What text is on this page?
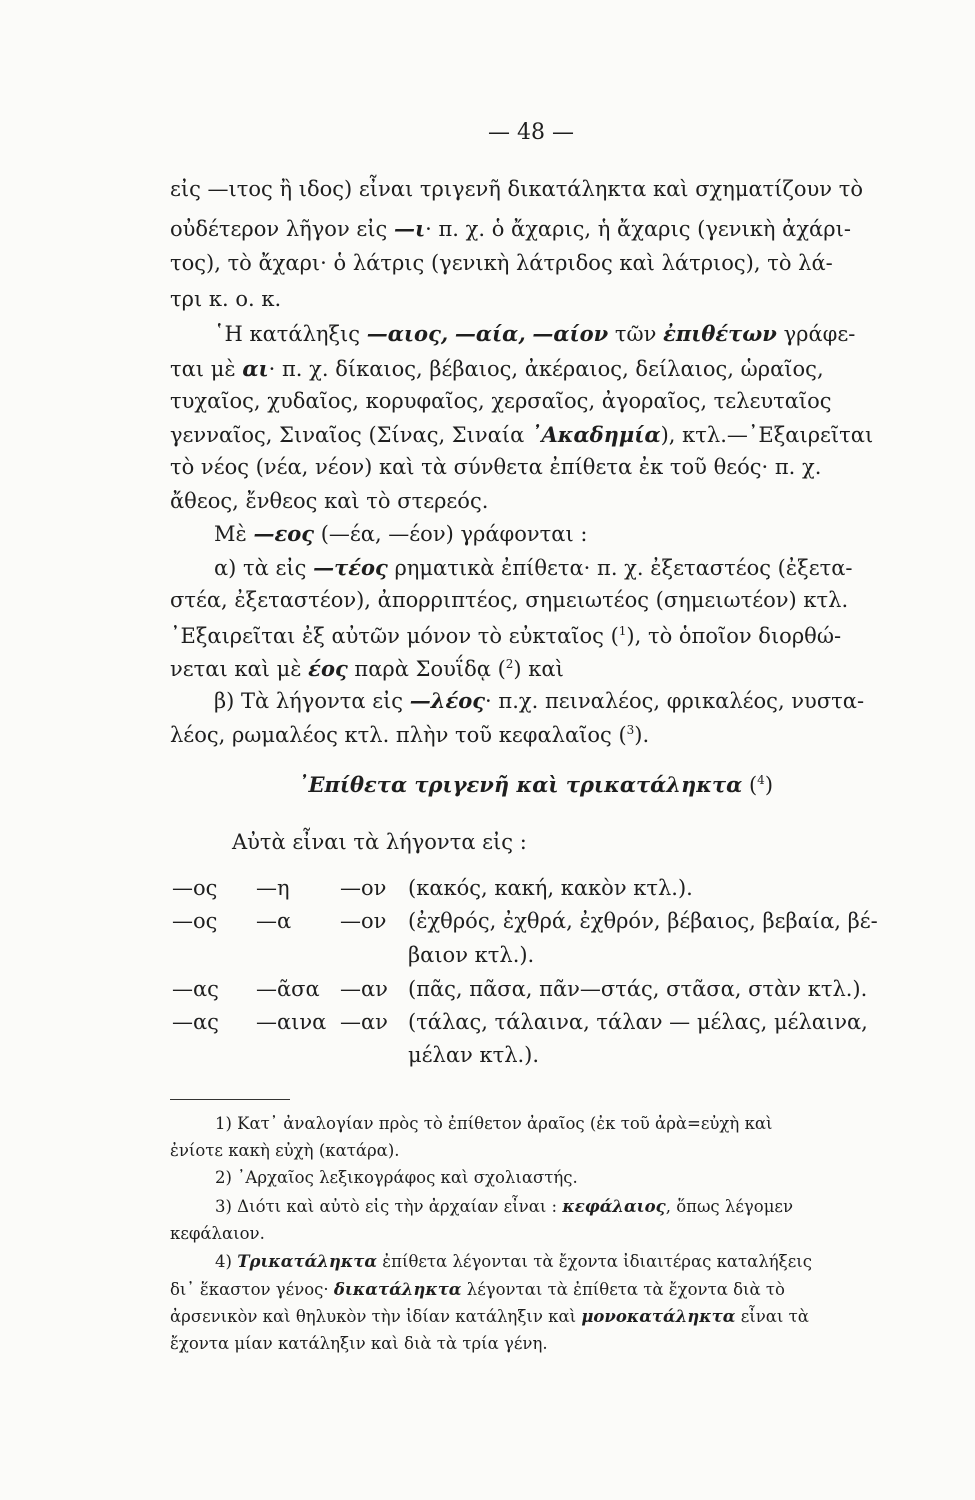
— 48 —
εἰς —ιτος ἢ ιδος) εἶναι τριγενῆ δικατάληκτα καὶ σχηματίζουν τὸ
οὐδέτερον λῆγον εἰς —ι· π. χ. ὁ ἄχαρις, ἡ ἄχαρις (γενικὴ ἀχάρι-
τος), τὸ ἄχαρι· ὁ λάτρις (γενικὴ λάτριδος καὶ λάτριος), τὸ λά-
τρι κ. ο. κ.
῾Η κατάληξις —αιος, —αία, —αίον τῶν ἐπιθέτων γράφε-
ται μὲ αι· π. χ. δίκαιος, βέβαιος, ἀκέραιος, δείλαιος, ὡραῖος,
τυχαῖος, χυδαῖος, κορυφαῖος, χερσαῖος, ἀγοραῖος, τελευταῖος
γενναῖος, Σιναῖος (Σίνας, Σιναία ᾿Ακαδημία), κτλ.—᾿Εξαιρεῖται
τὸ νέος (νέα, νέον) καὶ τὰ σύνθετα ἐπίθετα ἐκ τοῦ θεός· π. χ.
ἄθεος, ἔνθεος καὶ τὸ στερεός.
Μὲ —εος (—έα, —έον) γράφονται :
α) τὰ εἰς —τέος ρηματικὰ ἐπίθετα· π. χ. ἐξεταστέος (ἐξετα-
στέα, ἐξεταστέον), ἀπορριπτέος, σημειωτέος (σημειωτέον) κτλ.
᾿Εξαιρεῖται ἐξ αὐτῶν μόνον τὸ εὐκταῖος ($^1$), τὸ ὁποῖον διορθώ-
νεται καὶ μὲ έος παρὰ Σουΐδᾳ ($^2$) καὶ
β) Τὰ λήγοντα εἰς —λέος· π.χ. πειναλέος, φρικαλέος, νυστα-
λέος, ρωμαλέος κτλ. πλὴν τοῦ κεφαλαῖος ($^3$).
᾿Επίθετα τριγενῆ καὶ τρικατάληκτα ($^4$)
Αὐτὰ εἶναι τὰ λήγοντα εἰς :
—ος —η —ον (κακός, κακή, κακὸν κτλ.).
—ος —α —ον (ἐχθρός, ἐχθρά, ἐχθρόν, βέβαιος, βεβαία, βέ-
βαιον κτλ.).
—ας —ᾶσα —αν (πᾶς, πᾶσα, πᾶν—στάς, στᾶσα, στὰν κτλ.).
—ας —αινα —αν (τάλας, τάλαινα, τάλαν — μέλας, μέλαινα,
μέλαν κτλ.).
1) Κατ᾿ ἀναλογίαν πρὸς τὸ ἐπίθετον ἀραῖος (ἐκ τοῦ ἀρὰ=εὐχὴ καὶ
ἐνίοτε κακὴ εὐχὴ (κατάρα).
2) ᾿Αρχαῖος λεξικογράφος καὶ σχολιαστής.
3) Διότι καὶ αὐτὸ εἰς τὴν ἀρχαίαν εἶναι : κεφάλαιος, ὅπως λέγομεν
κεφάλαιον.
4) Τρικατάληκτα ἐπίθετα λέγονται τὰ ἔχοντα ἰδιαιτέρας καταλήξεις
δι᾿ ἕκαστον γένος· δικατάληκτα λέγονται τὰ ἐπίθετα τὰ ἔχοντα διὰ τὸ
ἀρσενικὸν καὶ θηλυκὸν τὴν ἰδίαν κατάληξιν καὶ μονοκατάληκτα εἶναι τὰ
ἔχοντα μίαν κατάληξιν καὶ διὰ τὰ τρία γένη.
